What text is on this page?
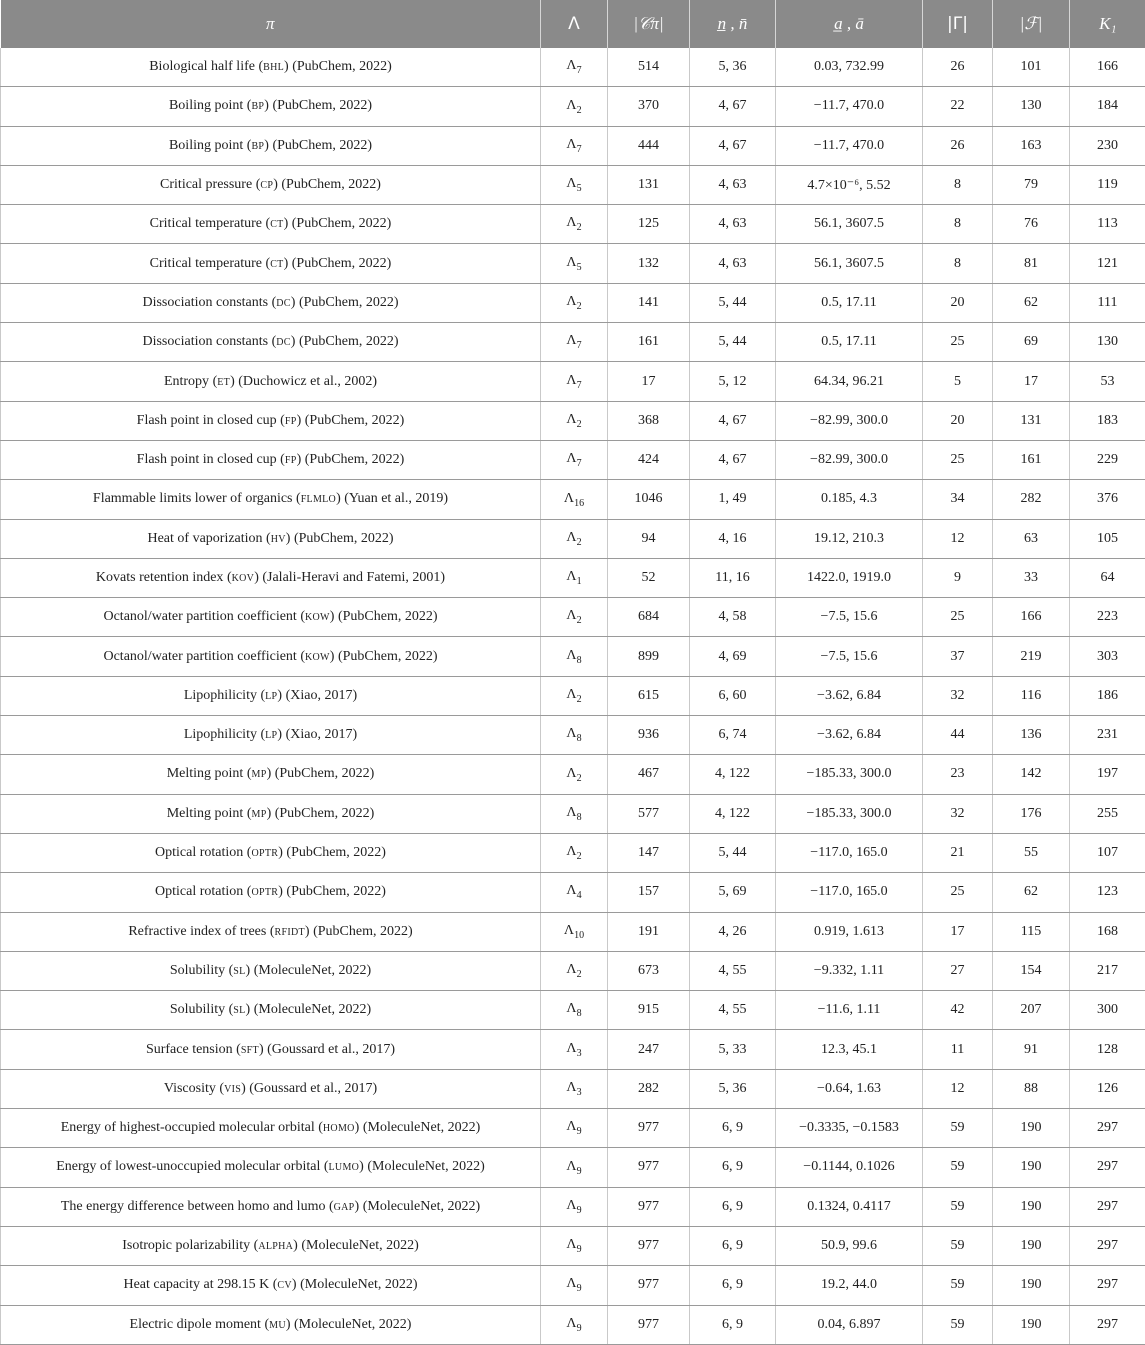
π	Λ	|𝒞π|	n̲ , n̄	a̲ , ā	|Γ|	|ℱ|	K₁
Biological half life (bhl) (PubChem, 2022)	$\Lambda_7$	514	5, 36	0.03, 732.99	26	101	166
Boiling point (bp) (PubChem, 2022)	$\Lambda_2$	370	4, 67	−11.7, 470.0	22	130	184
Boiling point (bp) (PubChem, 2022)	$\Lambda_7$	444	4, 67	−11.7, 470.0	26	163	230
Critical pressure (cp) (PubChem, 2022)	$\Lambda_5$	131	4, 63	4.7×10⁻⁶, 5.52	8	79	119
Critical temperature (ct) (PubChem, 2022)	$\Lambda_2$	125	4, 63	56.1, 3607.5	8	76	113
Critical temperature (ct) (PubChem, 2022)	$\Lambda_5$	132	4, 63	56.1, 3607.5	8	81	121
Dissociation constants (dc) (PubChem, 2022)	$\Lambda_2$	141	5, 44	0.5, 17.11	20	62	111
Dissociation constants (dc) (PubChem, 2022)	$\Lambda_7$	161	5, 44	0.5, 17.11	25	69	130
Entropy (et) (Duchowicz et al., 2002)	$\Lambda_7$	17	5, 12	64.34, 96.21	5	17	53
Flash point in closed cup (fp) (PubChem, 2022)	$\Lambda_2$	368	4, 67	−82.99, 300.0	20	131	183
Flash point in closed cup (fp) (PubChem, 2022)	$\Lambda_7$	424	4, 67	−82.99, 300.0	25	161	229
Flammable limits lower of organics (flmlo) (Yuan et al., 2019)	$\Lambda_{16}$	1046	1, 49	0.185, 4.3	34	282	376
Heat of vaporization (hv) (PubChem, 2022)	$\Lambda_2$	94	4, 16	19.12, 210.3	12	63	105
Kovats retention index (kov) (Jalali-Heravi and Fatemi, 2001)	$\Lambda_1$	52	11, 16	1422.0, 1919.0	9	33	64
Octanol/water partition coefficient (kow) (PubChem, 2022)	$\Lambda_2$	684	4, 58	−7.5, 15.6	25	166	223
Octanol/water partition coefficient (kow) (PubChem, 2022)	$\Lambda_8$	899	4, 69	−7.5, 15.6	37	219	303
Lipophilicity (lp) (Xiao, 2017)	$\Lambda_2$	615	6, 60	−3.62, 6.84	32	116	186
Lipophilicity (lp) (Xiao, 2017)	$\Lambda_8$	936	6, 74	−3.62, 6.84	44	136	231
Melting point (mp) (PubChem, 2022)	$\Lambda_2$	467	4, 122	−185.33, 300.0	23	142	197
Melting point (mp) (PubChem, 2022)	$\Lambda_8$	577	4, 122	−185.33, 300.0	32	176	255
Optical rotation (optr) (PubChem, 2022)	$\Lambda_2$	147	5, 44	−117.0, 165.0	21	55	107
Optical rotation (optr) (PubChem, 2022)	$\Lambda_4$	157	5, 69	−117.0, 165.0	25	62	123
Refractive index of trees (rfidt) (PubChem, 2022)	$\Lambda_{10}$	191	4, 26	0.919, 1.613	17	115	168
Solubility (sl) (MoleculeNet, 2022)	$\Lambda_2$	673	4, 55	−9.332, 1.11	27	154	217
Solubility (sl) (MoleculeNet, 2022)	$\Lambda_8$	915	4, 55	−11.6, 1.11	42	207	300
Surface tension (sft) (Goussard et al., 2017)	$\Lambda_3$	247	5, 33	12.3, 45.1	11	91	128
Viscosity (vis) (Goussard et al., 2017)	$\Lambda_3$	282	5, 36	−0.64, 1.63	12	88	126
Energy of highest-occupied molecular orbital (homo) (MoleculeNet, 2022)	$\Lambda_9$	977	6, 9	−0.3335, −0.1583	59	190	297
Energy of lowest-unoccupied molecular orbital (lumo) (MoleculeNet, 2022)	$\Lambda_9$	977	6, 9	−0.1144, 0.1026	59	190	297
The energy difference between homo and lumo (gap) (MoleculeNet, 2022)	$\Lambda_9$	977	6, 9	0.1324, 0.4117	59	190	297
Isotropic polarizability (alpha) (MoleculeNet, 2022)	$\Lambda_9$	977	6, 9	50.9, 99.6	59	190	297
Heat capacity at 298.15 K (cv) (MoleculeNet, 2022)	$\Lambda_9$	977	6, 9	19.2, 44.0	59	190	297
Electric dipole moment (mu) (MoleculeNet, 2022)	$\Lambda_9$	977	6, 9	0.04, 6.897	59	190	297
